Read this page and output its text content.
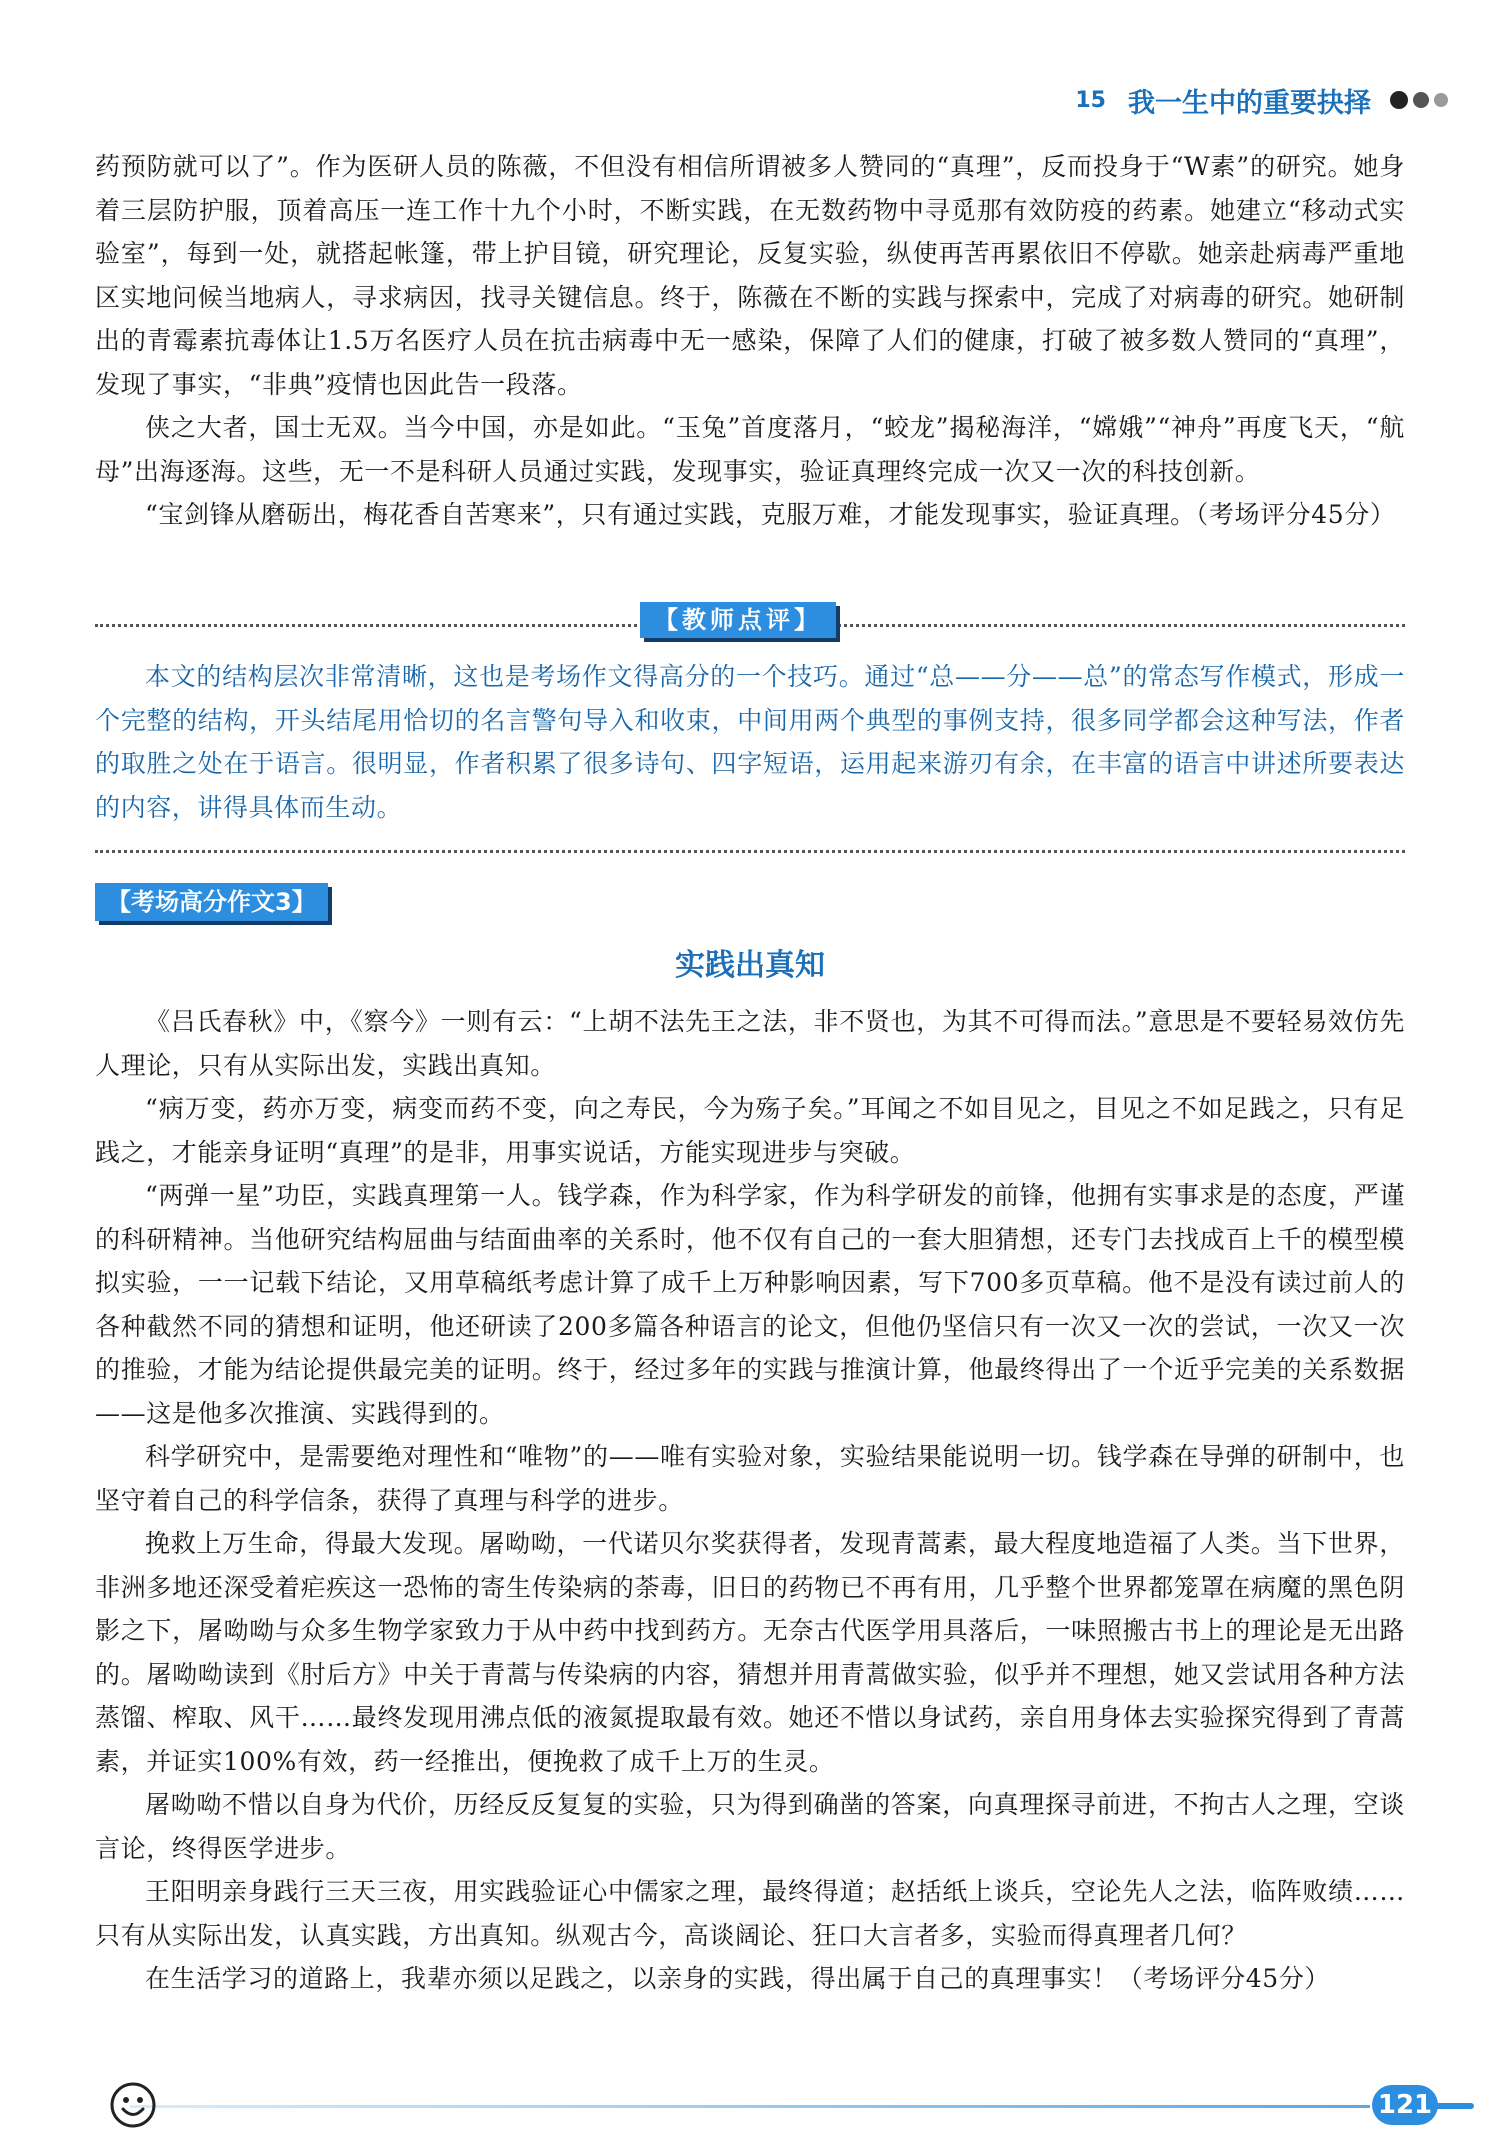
15 我一生中的重要抉择

药预防就可以了”。作为医研人员的陈薇，不但没有相信所谓被多人赞同的“真理”，反而投身于“W素”的研究。她身着三层防护服，顶着高压一连工作十九个小时，不断实践，在无数药物中寻觅那有效防疫的药素。她建立“移动式实验室”，每到一处，就搭起帐篷，带上护目镜，研究理论，反复实验，纵使再苦再累依旧不停歇。她亲赴病毒严重地区实地问候当地病人，寻求病因，找寻关键信息。终于，陈薇在不断的实践与探索中，完成了对病毒的研究。她研制出的青霉素抗毒体让1.5万名医疗人员在抗击病毒中无一感染，保障了人们的健康，打破了被多数人赞同的“真理”，发现了事实，“非典”疫情也因此告一段落。

侠之大者，国士无双。当今中国，亦是如此。“玉兔”首度落月，“蛟龙”揭秘海洋，“嫦娥”“神舟”再度飞天，“航母”出海逐海。这些，无一不是科研人员通过实践，发现事实，验证真理终完成一次又一次的科技创新。

“宝剑锋从磨砺出，梅花香自苦寒来”，只有通过实践，克服万难，才能发现事实，验证真理。（考场评分45分）

【教师点评】

本文的结构层次非常清晰，这也是考场作文得高分的一个技巧。通过“总——分——总”的常态写作模式，形成一个完整的结构，开头结尾用恰切的名言警句导入和收束，中间用两个典型的事例支持，很多同学都会这种写法，作者的取胜之处在于语言。很明显，作者积累了很多诗句、四字短语，运用起来游刃有余，在丰富的语言中讲述所要表达的内容，讲得具体而生动。

【考场高分作文3】
实践出真知

《吕氏春秋》中，《察今》一则有云：“上胡不法先王之法，非不贤也，为其不可得而法。”意思是不要轻易效仿先人理论，只有从实际出发，实践出真知。

“病万变，药亦万变，病变而药不变，向之寿民，今为殇子矣。”耳闻之不如目见之，目见之不如足践之，只有足践之，才能亲身证明“真理”的是非，用事实说话，方能实现进步与突破。

“两弹一星”功臣，实践真理第一人。钱学森，作为科学家，作为科学研发的前锋，他拥有实事求是的态度，严谨的科研精神。当他研究结构屈曲与结面曲率的关系时，他不仅有自己的一套大胆猜想，还专门去找成百上千的模型模拟实验，一一记载下结论，又用草稿纸考虑计算了成千上万种影响因素，写下700多页草稿。他不是没有读过前人的各种截然不同的猜想和证明，他还研读了200多篇各种语言的论文，但他仍坚信只有一次又一次的尝试，一次又一次的推验，才能为结论提供最完美的证明。终于，经过多年的实践与推演计算，他最终得出了一个近乎完美的关系数据——这是他多次推演、实践得到的。

科学研究中，是需要绝对理性和“唯物”的——唯有实验对象，实验结果能说明一切。钱学森在导弹的研制中，也坚守着自己的科学信条，获得了真理与科学的进步。

挽救上万生命，得最大发现。屠呦呦，一代诺贝尔奖获得者，发现青蒿素，最大程度地造福了人类。当下世界，非洲多地还深受着疟疾这一恐怖的寄生传染病的荼毒，旧日的药物已不再有用，几乎整个世界都笼罩在病魔的黑色阴影之下，屠呦呦与众多生物学家致力于从中药中找到药方。无奈古代医学用具落后，一味照搬古书上的理论是无出路的。屠呦呦读到《肘后方》中关于青蒿与传染病的内容，猜想并用青蒿做实验，似乎并不理想，她又尝试用各种方法蒸馏、榨取、风干……最终发现用沸点低的液氮提取最有效。她还不惜以身试药，亲自用身体去实验探究得到了青蒿素，并证实100%有效，药一经推出，便挽救了成千上万的生灵。

屠呦呦不惜以自身为代价，历经反反复复的实验，只为得到确凿的答案，向真理探寻前进，不拘古人之理，空谈言论，终得医学进步。

王阳明亲身践行三天三夜，用实践验证心中儒家之理，最终得道；赵括纸上谈兵，空论先人之法，临阵败绩……只有从实际出发，认真实践，方出真知。纵观古今，高谈阔论、狂口大言者多，实验而得真理者几何？

在生活学习的道路上，我辈亦须以足践之，以亲身的实践，得出属于自己的真理事实！（考场评分45分）

121
